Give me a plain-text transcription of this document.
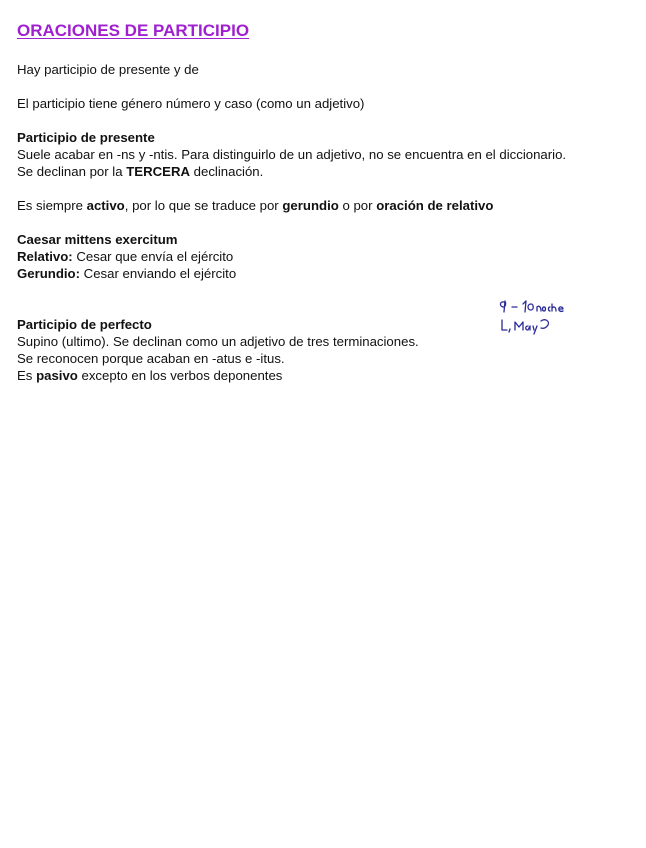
ORACIONES DE PARTICIPIO

Hay participio de presente y de

El participio tiene género número y caso (como un adjetivo)

Participio de presente

Suele acabar en -ns y -ntis. Para distinguirlo de un adjetivo, no se encuentra en el diccionario.

Se declinan por la TERCERA declinación.

Es siempre activo, por lo que se traduce por gerundio o por oración de relativo

Caesar mittens exercitum

Relativo: Cesar que envía el ejército

Gerundio: Cesar enviando el ejército

Participio de perfecto

Supino (ultimo). Se declinan como un adjetivo de tres terminaciones.

Se reconocen porque acaban en -atus e -itus.

Es pasivo excepto en los verbos deponentes
